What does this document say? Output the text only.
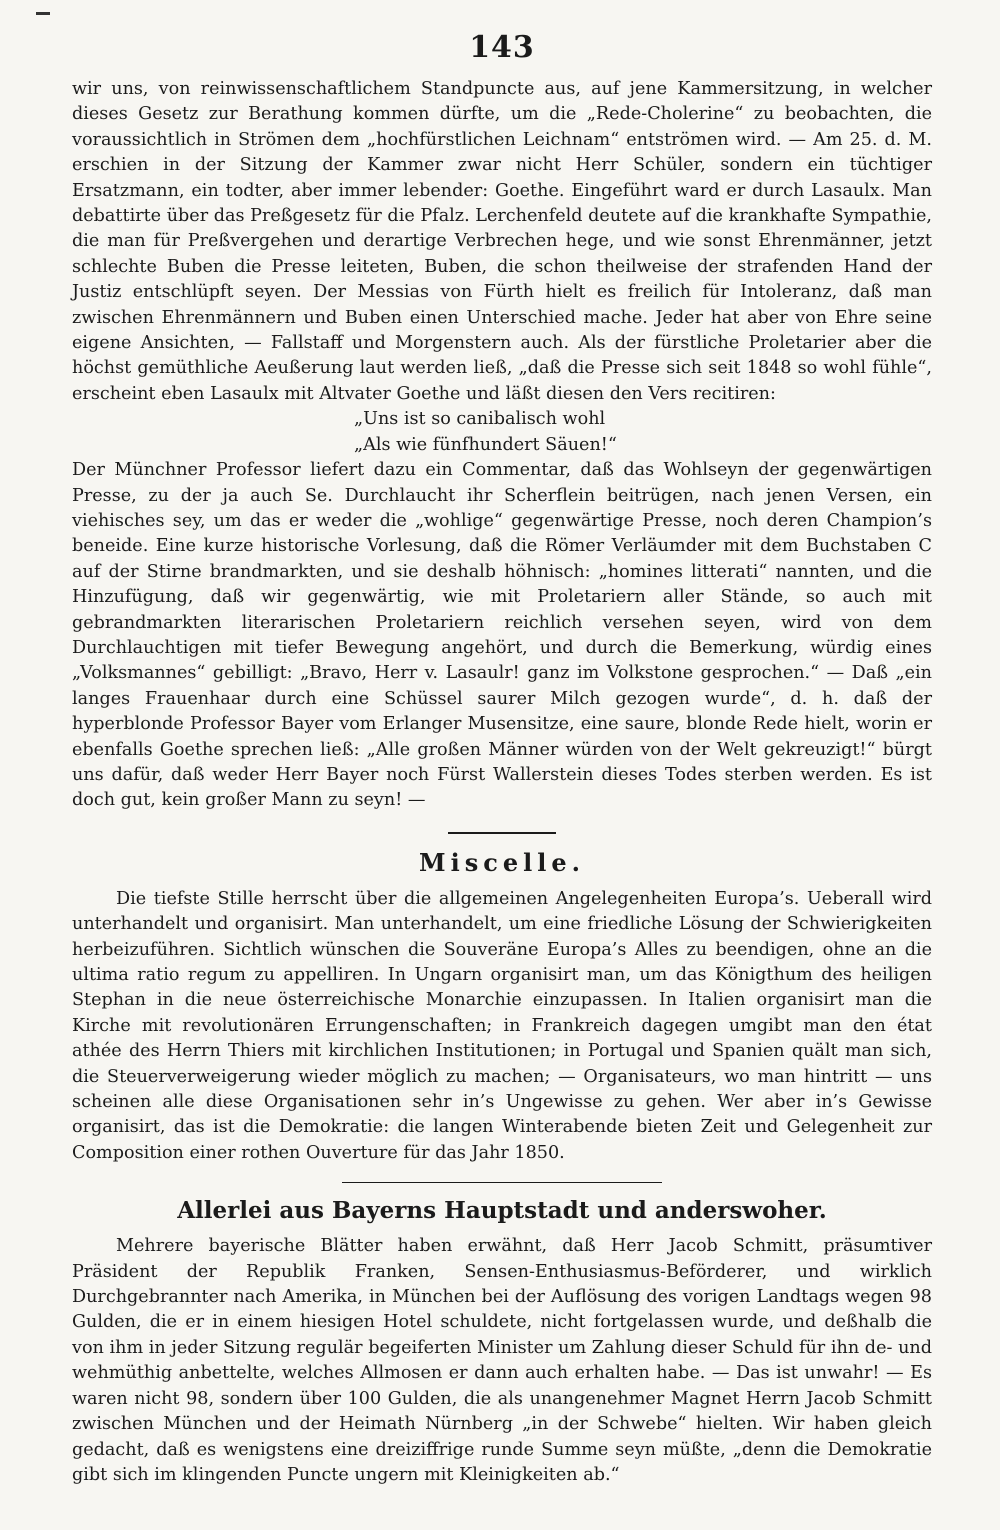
143

wir uns, von reinwissenschaftlichem Standpuncte aus, auf jene Kammersitzung, in welcher dieses Gesetz zur Berathung kommen dürfte, um die „Rede-Cholerine“ zu beobachten, die voraussichtlich in Strömen dem „hochfürstlichen Leichnam“ entströmen wird. — Am 25. d. M. erschien in der Sitzung der Kammer zwar nicht Herr Schüler, sondern ein tüchtiger Ersatzmann, ein todter, aber immer lebender: Goethe. Eingeführt ward er durch Lasaulx. Man debattirte über das Preßgesetz für die Pfalz. Lerchenfeld deutete auf die krankhafte Sympathie, die man für Preßvergehen und derartige Verbrechen hege, und wie sonst Ehrenmänner, jetzt schlechte Buben die Presse leiteten, Buben, die schon theilweise der strafenden Hand der Justiz entschlüpft seyen. Der Messias von Fürth hielt es freilich für Intoleranz, daß man zwischen Ehrenmännern und Buben einen Unterschied mache. Jeder hat aber von Ehre seine eigene Ansichten, — Fallstaff und Morgenstern auch. Als der fürstliche Proletarier aber die höchst gemüthliche Aeußerung laut werden ließ, „daß die Presse sich seit 1848 so wohl fühle“, erscheint eben Lasaulx mit Altvater Goethe und läßt diesen den Vers recitiren:

„Uns ist so canibalisch wohl
„Als wie fünfhundert Säuen!“

Der Münchner Professor liefert dazu ein Commentar, daß das Wohlseyn der gegenwärtigen Presse, zu der ja auch Se. Durchlaucht ihr Scherflein beitrügen, nach jenen Versen, ein viehisches sey, um das er weder die „wohlige“ gegenwärtige Presse, noch deren Champion’s beneide. Eine kurze historische Vorlesung, daß die Römer Verläumder mit dem Buchstaben C auf der Stirne brandmarkten, und sie deshalb höhnisch: „homines litterati“ nannten, und die Hinzufügung, daß wir gegenwärtig, wie mit Proletariern aller Stände, so auch mit gebrandmarkten literarischen Proletariern reichlich versehen seyen, wird von dem Durchlauchtigen mit tiefer Bewegung angehört, und durch die Bemerkung, würdig eines „Volksmannes“ gebilligt: „Bravo, Herr v. Lasaulr! ganz im Volkstone gesprochen.“ — Daß „ein langes Frauenhaar durch eine Schüssel saurer Milch gezogen wurde“, d. h. daß der hyperblonde Professor Bayer vom Erlanger Musensitze, eine saure, blonde Rede hielt, worin er ebenfalls Goethe sprechen ließ: „Alle großen Männer würden von der Welt gekreuzigt!“ bürgt uns dafür, daß weder Herr Bayer noch Fürst Wallerstein dieses Todes sterben werden. Es ist doch gut, kein großer Mann zu seyn! —

Miscelle.

Die tiefste Stille herrscht über die allgemeinen Angelegenheiten Europa’s. Ueberall wird unterhandelt und organisirt. Man unterhandelt, um eine friedliche Lösung der Schwierigkeiten herbeizuführen. Sichtlich wünschen die Souveräne Europa’s Alles zu beendigen, ohne an die ultima ratio regum zu appelliren. In Ungarn organisirt man, um das Königthum des heiligen Stephan in die neue österreichische Monarchie einzupassen. In Italien organisirt man die Kirche mit revolutionären Errungenschaften; in Frankreich dagegen umgibt man den état athée des Herrn Thiers mit kirchlichen Institutionen; in Portugal und Spanien quält man sich, die Steuerverweigerung wieder möglich zu machen; — Organisateurs, wo man hintritt — uns scheinen alle diese Organisationen sehr in’s Ungewisse zu gehen. Wer aber in’s Gewisse organisirt, das ist die Demokratie: die langen Winterabende bieten Zeit und Gelegenheit zur Composition einer rothen Ouverture für das Jahr 1850.

Allerlei aus Bayerns Hauptstadt und anderswoher.

Mehrere bayerische Blätter haben erwähnt, daß Herr Jacob Schmitt, präsumtiver Präsident der Republik Franken, Sensen-Enthusiasmus-Beförderer, und wirklich Durchgebrannter nach Amerika, in München bei der Auflösung des vorigen Landtags wegen 98 Gulden, die er in einem hiesigen Hotel schuldete, nicht fortgelassen wurde, und deßhalb die von ihm in jeder Sitzung regulär begeiferten Minister um Zahlung dieser Schuld für ihn de- und wehmüthig anbettelte, welches Allmosen er dann auch erhalten habe. — Das ist unwahr! — Es waren nicht 98, sondern über 100 Gulden, die als unangenehmer Magnet Herrn Jacob Schmitt zwischen München und der Heimath Nürnberg „in der Schwebe“ hielten. Wir haben gleich gedacht, daß es wenigstens eine dreiziffrige runde Summe seyn müßte, „denn die Demokratie gibt sich im klingenden Puncte ungern mit Kleinigkeiten ab.“
